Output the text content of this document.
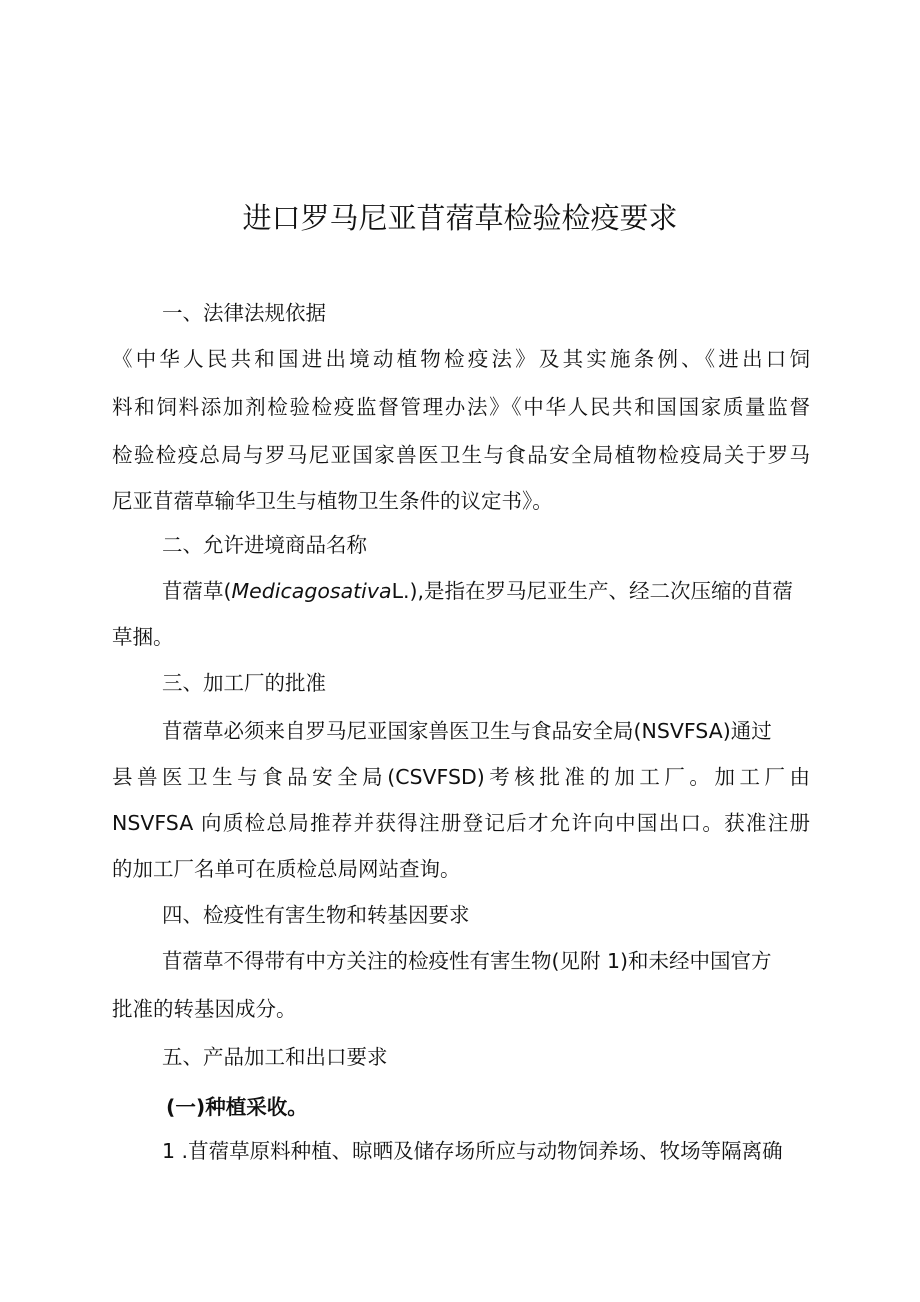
进口罗马尼亚苜蓿草检验检疫要求
一、法律法规依据
《中华人民共和国进出境动植物检疫法》及其实施条例、《进出口饲
料和饲料添加剂检验检疫监督管理办法》《中华人民共和国国家质量监督
检验检疫总局与罗马尼亚国家兽医卫生与食品安全局植物检疫局关于罗马
尼亚苜蓿草输华卫生与植物卫生条件的议定书》。
二、允许进境商品名称
苜蓿草(MedicagosativaL.),是指在罗马尼亚生产、经二次压缩的苜蓿
草捆。
三、加工厂的批准
苜蓿草必须来自罗马尼亚国家兽医卫生与食品安全局(NSVFSA)通过
县兽医卫生与食品安全局(CSVFSD)考核批准的加工厂。加工厂由
NSVFSA 向质检总局推荐并获得注册登记后才允许向中国出口。获准注册
的加工厂名单可在质检总局网站查询。
四、检疫性有害生物和转基因要求
苜蓿草不得带有中方关注的检疫性有害生物(见附 1)和未经中国官方
批准的转基因成分。
五、产品加工和出口要求
(一)种植采收。
1 .苜蓿草原料种植、晾晒及储存场所应与动物饲养场、牧场等隔离确
